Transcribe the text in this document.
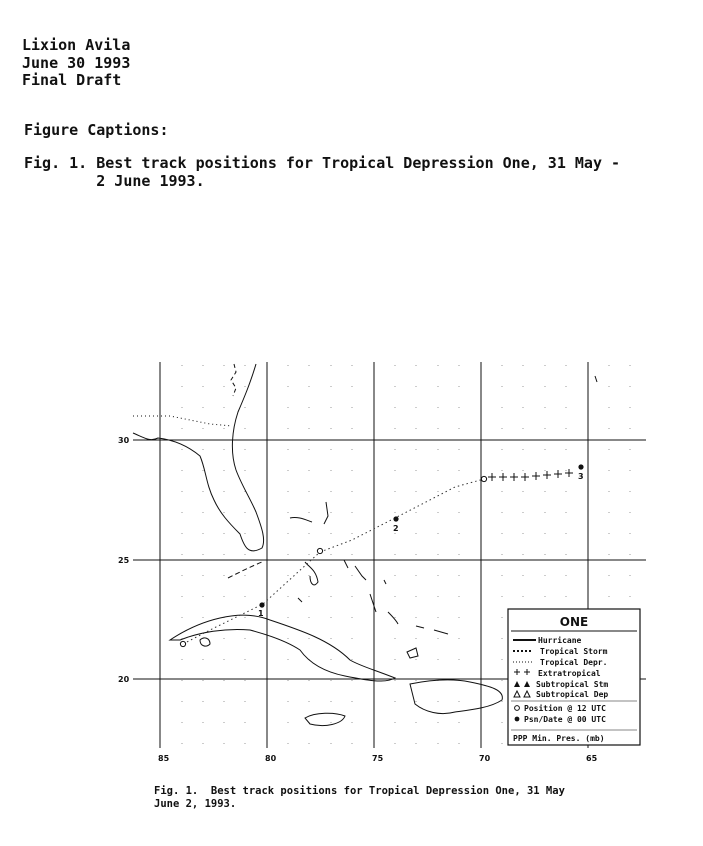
Lixion Avila
June 30 1993
Final Draft
Figure Captions:
Fig. 1. Best track positions for Tropical Depression One, 31 May -
2 June 1993.
1
2
3
85	80	75	70	65
30
25
20
ONE
Hurricane
Tropical Storm
Tropical Depr.
Extratropical
Subtropical Stm
Subtropical Dep
Position @ 12 UTC
Psn/Date @ 00 UTC
PPP Min. Pres. (mb)
Fig. 1.  Best track positions for Tropical Depression One, 31 May
June 2, 1993.
